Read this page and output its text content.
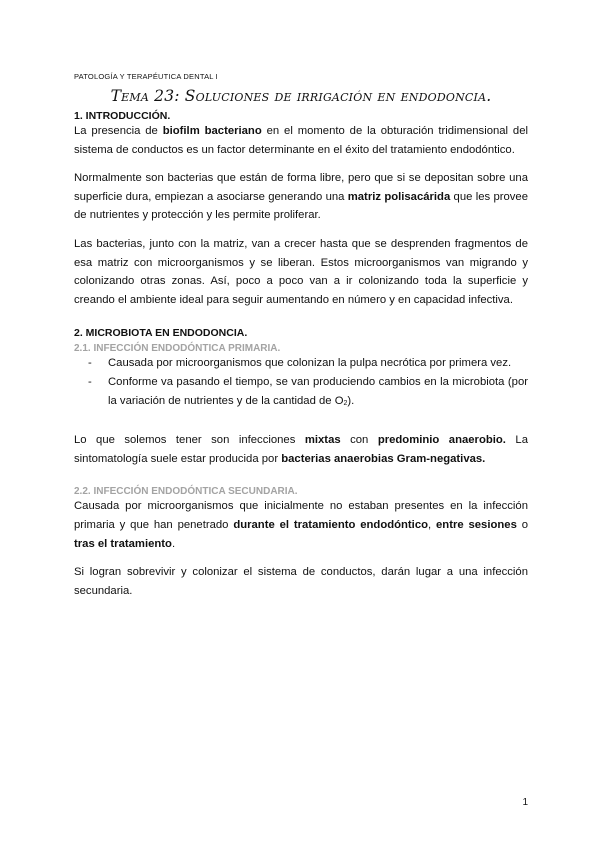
PATOLOGÍA Y TERAPÉUTICA DENTAL I
Tema 23: Soluciones de irrigación en endodoncia.
1. INTRODUCCIÓN.

La presencia de biofilm bacteriano en el momento de la obturación tridimensional del sistema de conductos es un factor determinante en el éxito del tratamiento endodóntico.

Normalmente son bacterias que están de forma libre, pero que si se depositan sobre una superficie dura, empiezan a asociarse generando una matriz polisacárida que les provee de nutrientes y protección y les permite proliferar.

Las bacterias, junto con la matriz, van a crecer hasta que se desprenden fragmentos de esa matriz con microorganismos y se liberan. Estos microorganismos van migrando y colonizando otras zonas. Así, poco a poco van a ir colonizando toda la superficie y creando el ambiente ideal para seguir aumentando en número y en capacidad infectiva.

2. MICROBIOTA EN ENDODONCIA.
2.1. INFECCIÓN ENDODÓNTICA PRIMARIA.
- Causada por microorganismos que colonizan la pulpa necrótica por primera vez.
- Conforme va pasando el tiempo, se van produciendo cambios en la microbiota (por la variación de nutrientes y de la cantidad de O2).

Lo que solemos tener son infecciones mixtas con predominio anaerobio. La sintomatología suele estar producida por bacterias anaerobias Gram-negativas.

2.2. INFECCIÓN ENDODÓNTICA SECUNDARIA.

Causada por microorganismos que inicialmente no estaban presentes en la infección primaria y que han penetrado durante el tratamiento endodóntico, entre sesiones o tras el tratamiento.

Si logran sobrevivir y colonizar el sistema de conductos, darán lugar a una infección secundaria.

1
